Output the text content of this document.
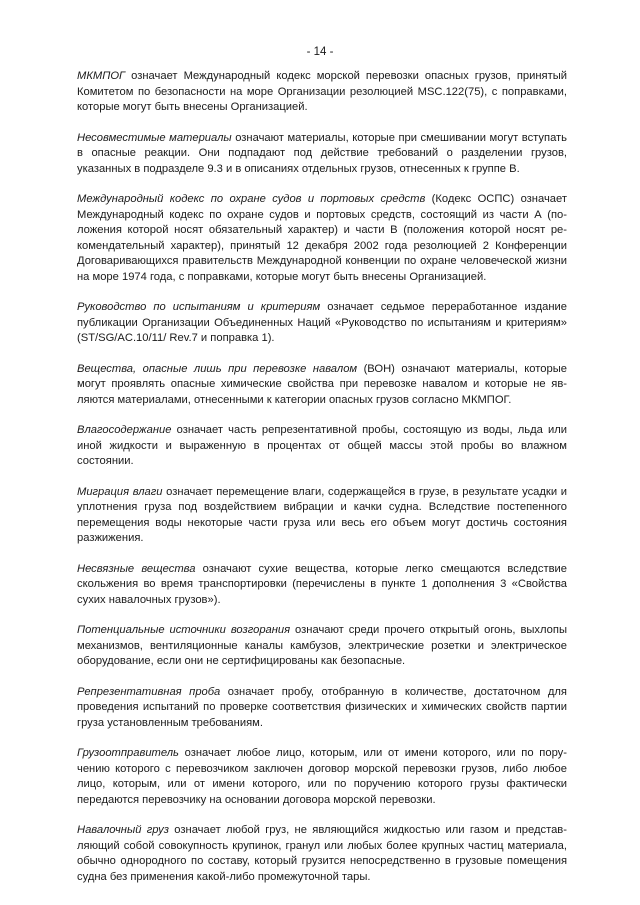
- 14 -

МКМПОГ означает Международный кодекс морской перевозки опасных грузов, принятый Комитетом по безопасности на море Организации резолюцией MSC.122(75), с поправками, которые могут быть внесены Организацией.

Несовместимые материалы означают материалы, которые при смешивании могут вступать в опасные реакции. Они подпадают под действие требований о разделении грузов, указанных в подразделе 9.3 и в описаниях отдельных грузов, отнесенных к группе В.

Международный кодекс по охране судов и портовых средств (Кодекс ОСПС) означает Международный кодекс по охране судов и портовых средств, состоящий из части А (положения которой носят обязательный характер) и части В (положения которой носят рекомендательный характер), принятый 12 декабря 2002 года резолюцией 2 Конференции Договаривающихся правительств Международной конвенции по охране человеческой жизни на море 1974 года, с поправками, которые могут быть внесены Организацией.

Руководство по испытаниям и критериям означает седьмое переработанное издание публикации Организации Объединенных Наций «Руководство по испытаниям и критериям» (ST/SG/AC.10/11/ Rev.7 и поправка 1).

Вещества, опасные лишь при перевозке навалом (ВОН) означают материалы, которые могут проявлять опасные химические свойства при перевозке навалом и которые не являются материалами, отнесенными к категории опасных грузов согласно МКМПОГ.

Влагосодержание означает часть репрезентативной пробы, состоящую из воды, льда или иной жидкости и выраженную в процентах от общей массы этой пробы во влажном состоянии.

Миграция влаги означает перемещение влаги, содержащейся в грузе, в результате усадки и уплотнения груза под воздействием вибрации и качки судна. Вследствие постепенного перемещения воды некоторые части груза или весь его объем могут достичь состояния разжижения.

Несвязные вещества означают сухие вещества, которые легко смещаются вследствие скольжения во время транспортировки (перечислены в пункте 1 дополнения 3 «Свойства сухих навалочных грузов»).

Потенциальные источники возгорания означают среди прочего открытый огонь, выхлопы механизмов, вентиляционные каналы камбузов, электрические розетки и электрическое оборудование, если они не сертифицированы как безопасные.

Репрезентативная проба означает пробу, отобранную в количестве, достаточном для проведения испытаний по проверке соответствия физических и химических свойств партии груза установленным требованиям.

Грузоотправитель означает любое лицо, которым, или от имени которого, или по поручению которого с перевозчиком заключен договор морской перевозки грузов, либо любое лицо, которым, или от имени которого, или по поручению которого грузы фактически передаются перевозчику на основании договора морской перевозки.

Навалочный груз означает любой груз, не являющийся жидкостью или газом и представляющий собой совокупность крупинок, гранул или любых более крупных частиц материала, обычно однородного по составу, который грузится непосредственно в грузовые помещения судна без применения какой-либо промежуточной тары.
